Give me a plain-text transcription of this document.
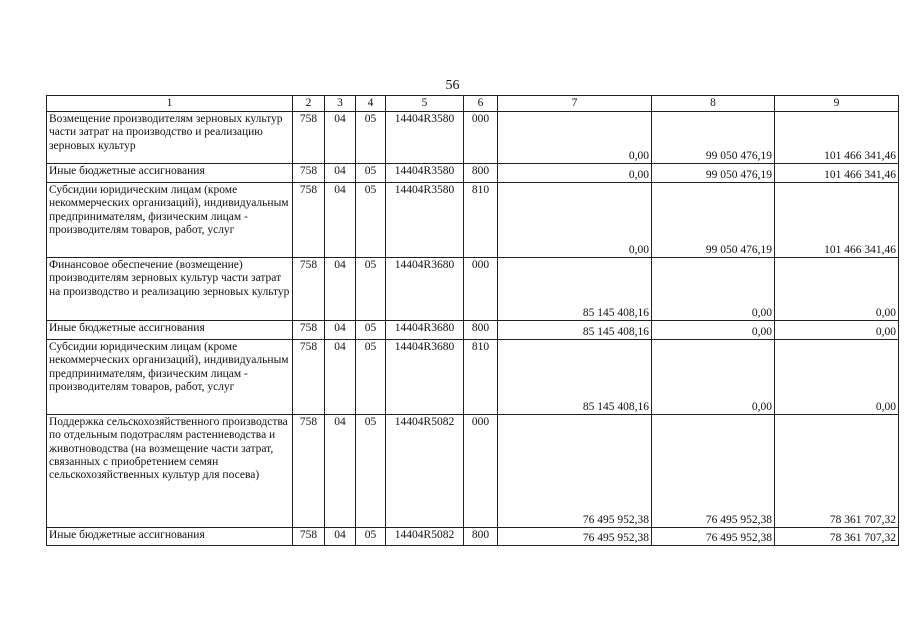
56
1	2	3	4	5	6	7	8	9
Возмещение производителям зерновых культур части затрат на производство и реализацию зерновых культур	758	04	05	14404R3580	000	0,00	99 050 476,19	101 466 341,46
Иные бюджетные ассигнования	758	04	05	14404R3580	800	0,00	99 050 476,19	101 466 341,46
Субсидии юридическим лицам (кроме некоммерческих организаций), индивидуальным предпринимателям, физическим лицам - производителям товаров, работ, услуг	758	04	05	14404R3580	810	0,00	99 050 476,19	101 466 341,46
Финансовое обеспечение (возмещение) производителям зерновых культур части затрат на производство и реализацию зерновых культур	758	04	05	14404R3680	000	85 145 408,16	0,00	0,00
Иные бюджетные ассигнования	758	04	05	14404R3680	800	85 145 408,16	0,00	0,00
Субсидии юридическим лицам (кроме некоммерческих организаций), индивидуальным предпринимателям, физическим лицам - производителям товаров, работ, услуг	758	04	05	14404R3680	810	85 145 408,16	0,00	0,00
Поддержка сельскохозяйственного производства по отдельным подотраслям растениеводства и животноводства (на возмещение части затрат, связанных с приобретением семян сельскохозяйственных культур для посева)	758	04	05	14404R5082	000	76 495 952,38	76 495 952,38	78 361 707,32
Иные бюджетные ассигнования	758	04	05	14404R5082	800	76 495 952,38	76 495 952,38	78 361 707,32
